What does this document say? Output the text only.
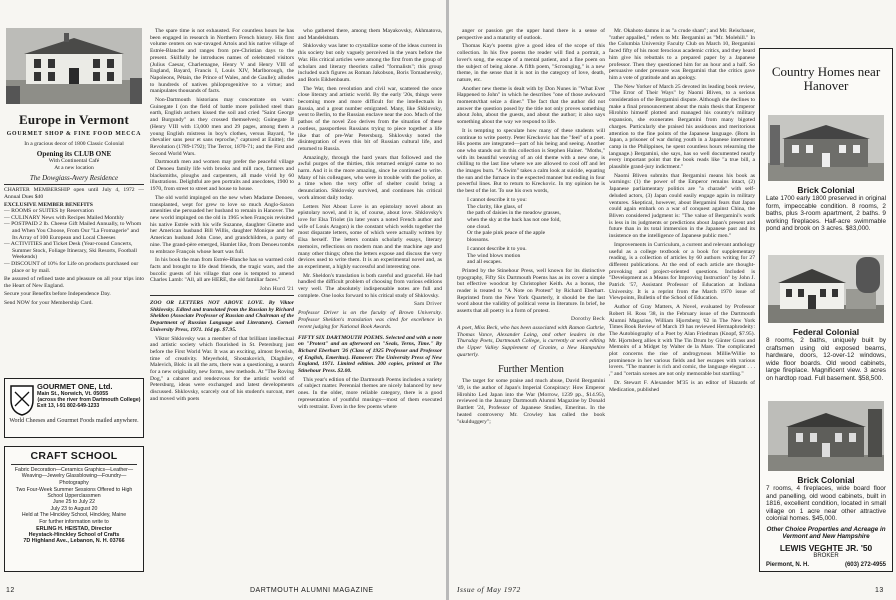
Europe in Vermont
GOURMET SHOP & FINE FOOD MECCA
In a gracious decor of 1800 Classic Colonial
Opening its CLUB ONE
With Continental Café
At a new location
The Dowgiass-Avery Residence
CHARTER MEMBERSHIP open until July 4, 1972 — Annual Dues $40
EXCLUSIVE MEMBER BENEFITS
— ROOMS or SUITES by Reservation
— CULINARY News with Recipes Mailed Monthly
— POSTPAID 2 lb. Cheese Gift Mailed Annually, to Whom and When You Choose, From Our "La Fromagerie" and Its Array of 100 European and Local Cheeses
— ACTIVITIES and Ticket Desk (Year-round Concerts, Summer Stock, Foliage Itinerary, Ski Resorts, Football Weekends)
— DISCOUNT of 10% for Life on products purchased our place or by mail.
Be assured of refined taste and pleasure on all your trips into the Heart of New England.
Secure your Benefits before Independence Day.
Send NOW for your Membership Card.
GOURMET ONE, Ltd.
Main St., Norwich, Vt. 05055
(across the river from Dartmouth College)
Exit 13, I-91 802-649-1233
World Cheeses and Gourmet Foods mailed anywhere.
CRAFT SCHOOL
Fabric Decoration—Ceramics Graphics—Leather—Weaving—Jewelry Glassblowing—Foundry—Photography
Two Four-Week Summer Sessions Offered to High School Upperclassmen
June 25 to July 22
July 23 to August 20
Held at The Hinckley School, Hinckley, Maine
For further information write to
ERLING H. HEISTAD, Director
Heystack-Hinckley School of Crafts
7D Highland Ave., Lebanon, N. H. 03766

The spare time is not exhausted. For countless hours he has been engaged in research in Northern French history. His first volume centers on war-ravaged Artois and his native village of Estrée-Blanche and ranges from pre-Christian days to the present. Skilfully he introduces names of celebrated visitors (Julius Caesar, Charlemagne, Henry V and Henry VIII of England, Bayard, Francis I, Louis XIV, Marlborough, the Napoleons, Pétain, the Prince of Wales, and de Gaulle); alludes to hundreds of natives philoprogenitive to a virtue; and manipulates thousands of facts.

Non-Dartmouth historians may concentrate on wars: Guinegate I (on the field of battle more polished steel than earth, English archers kissed the soil and cried "Saint George and Burgundy" as they crossed themselves); Guinegate II (Henry VIII with 13,000 men and 29 pages, among them a young English mistress in boy's clothes, versus Bayard, "le chevalier sans peur et sans reproche," captured at Enitte); the Revolution (1789-1792); The Terror, 1870-71; and the First and Second World Wars.

Dartmouth men and women may prefer the peaceful village of Denoeu family life with brooks and mill race, farmers and blacksmiths, ploughs and carpenters, all made vivid by 60 illustrations. Delightful are pen portraits and anecdotes, 1900 to 1970, from street to street and house to house.

The old world impinged on the new when Madame Denoeu, transplanted, wept for grew to love so much Anglo-Saxon amenities she persuaded her husband to remain in Hanover. The new world impinged on the old in 1965 when François revisited his native Estrée with his wife Suzanne, daughter Ginette and her American husband Bill Willis, daughter Monique and her American husband John Cone, and grandchildren, a party of nine. The grand-père emerged, Hamlet like, from Denoeu tombs to embrace François whose heart was full.

In his book the man from Estrée-Blanche has so warmed cold facts and brought to life dead friends, the tragic wars, and the bucolic guests of his village that one is tempted to amend Charles Lamb: "All, all are HERE, the old familiar faces."

John Hurd '21
ZOO OR LETTERS NOT ABOVE LOVE. By Viktor Shklovsky. Edited and translated from the Russian by Richard Sheldon (Associate Professor of Russian and Chairman of the Department of Russian Language and Literature). Cornell University Press, 1971. 164 pp. $7.95.

Viktor Shklovsky was a member of that brilliant intellectual and artistic society which flourished in St. Petersburg just before the First World War. It was an exciting, almost feverish, time of creativity. Meyerhold, Shostakovich, Diaghilev, Malevich, Blok: in all the arts, there was a questioning, a search for a new originality, new forms, new methods. At "The Roving Dog," a cabaret and rendezvous for the artistic world of Petersburg, ideas were exchanged and latest developments discussed. Shklovsky, scarcely out of his student's surcoat, met and moved with poets

who gathered there, among them Mayakovsky, Akhmatova, and Mandelshtam.

Shklovsky was later to crystallize some of the ideas current in this society but only vaguely perceived in the years before the War. His critical articles were among the first from the group of scholars and literary theorists called "formalists"; this group included such figures as Roman Jakobson, Boris Tomashevsky, and Boris Eikhenbaum.

The War, then revolution and civil war, scattered the once close literary and artistic world. By the early '20s, things were becoming more and more difficult for the intellectuals in Russia, and a great number emigrated. Many, like Shklovsky, went to Berlin, to the Russian enclave near the zoo. Much of the pathos of the novel Zoo derives from the situation of these rootless, passportless Russians trying to piece together a life like that of pre-War Petersburg. Shklovsky noted the disintegration of even this bit of Russian cultural life, and returned to Russia.

Amazingly, through the hard years that followed and the awful purges of the thirties, this returned emigré came to no harm. And it is the more amazing, since he continued to write. Many of his colleagues, who were in trouble with the police, at a time when the very offer of shelter could bring a denunciation. Shklovsky survived, and continues his critical work almost daily today.

Letters Not About Love is an epistolary novel about an epistolary novel, and it is, of course, about love. Shklovsky's love for Elsa Triolet (in later years a noted French author and wife of Louis Aragon) is the constant which welds together the most disparate letters, some of which were actually written by Elsa herself. The letters contain scholarly essays, literary memoirs, reflections on modern man and the machine age and many other things; often the letters expose and discuss the very devices used to write them. It is an experimental novel and, as an experiment, a highly successful and interesting one.

Mr. Sheldon's translation is both careful and graceful. He had handled the difficult problem of choosing from various editions very well. The absolutely indispensable notes are full and complete. One looks forward to his critical study of Shklovsky.

Sam Driver
Professor Driver is on the faculty of Brown University. Professor Sheldon's translation was cited for excellence in recent judging for National Book Awards.
FIFTY SIX DARTMOUTH POEMS. Selected and with a note on "Protest" and an afterword on "Seals, Terns, Time." By Richard Eberhart '26 (Class of 1925 Professor and Professor of English, Emeritus). Hanover: The University Press of New England, 1971. Limited edition. 200 copies, printed at The Stinehour Press. $2.00.
This year's edition of the Dartmouth Poems includes a variety of subject matter. Perennial themes are nicely balanced by new ones. In the older, more reliable category, there is a good representation of youthful musings—most of them executed with restraint. Even in the few poems where
12	DARTMOUTH ALUMNI MAGAZINE

anger or passion get the upper hand there is a sense of perspective and a maturity of outlook.

Thomas Kay's poems give a good idea of the scope of this collection. In his five poems the reader will find a portrait, a lover's song, the escape of a mental patient, and a fine poem on the subject of being alone. A fifth poem, "Scrounging," is a new theme, in the sense that it is not in the category of love, death, nature, etc.

Another new theme is dealt with by Don Nunes in "What Ever Happened to John" in which he describes "one of those awkward moments/that seize a diner." The fact that the author did not answer the question posed by the title not only proves something about John, about the guests, and about the author; it also says something about the way we respond to life.

It is tempting to speculate how many of these students will continue to write poetry. Peter Kreckovic has the "feel" of a poet. His poems are integrated—part of his being and seeing. Another one who stands out in this collection is Stephen Hainer. "Moths," with its beautiful weaving of an old theme with a new one, is chilling to the last line where we are allowed to cool off and let the images burn. "A Swim" takes a calm look at suicide, equating the sun and the furnace in the expected manner but ending in four powerful lines. But to return to Kreckovic. In my opinion he is the best of the lot. To use his own words,

I cannot describe it to you:
The clarity, like glass, of
the path of daisies in the meadow grasses,
when the sky at the back has not one fold,
one cloud.
Or the pale pink peace of the apple
blossoms.
I cannot describe it to you.
The wind blows motion
and all escapes.
Printed by the Stinehour Press, well known for its distinctive typography, Fifty Six Dartmouth Poems has as its cover a simple but effective woodcut by Christopher Keith. As a bonus, the reader is treated to "A Note on Protest" by Richard Eberhart. Reprinted from the New York Quarterly, it should be the last word about the validity of political verse in literature. In brief, he asserts that all poetry is a form of protest.
Dorothy Beck
A poet, Miss Beck, who has been associated with Ramon Guthrie, Thomas Vance, Alexander Laing, and other leaders in the Thursday Poets, Dartmouth College, is currently at work editing the Upper Valley Supplement of Granite, a New Hampshire quarterly.
Further Mention
The target for some praise and much abuse, David Bergamini '49, is the author of Japan's Imperial Conspiracy: How Emperor Hirohito Led Japan into the War (Morrow, 1239 pp., $14.95), reviewed in the January Dartmouth Alumni Magazine by Donald Bartlett '24, Professor of Japanese Studies, Emeritus. In the heated controversy Mr. Crowley has called the book "skulduggery";

Mr. Okahoto damns it as "a crude sham"; and Mr. Reischauer, "rather appalled," refers to Mr. Bergamini as "Mr. Molehill." In the Columbia University Faculty Club on March 10, Bergamini faced fifty of his most ferocious academic critics, and they heard him give his rebuttals to a prepared paper by a Japanese professor. Then they questioned him for an hour and a half. So persuasive under pressure was Bergamini that the critics gave him a vote of gratitude and an apology.

The New Yorker of March 25 devoted its leading book review, "The Error of Their Ways" by Naomi Bliven, to a serious consideration of the Bergamini dispute. Although she declines to make a final pronouncement about the main thesis that Emperor Hirohito himself plotted and managed his country's military expansion, she exonerates Bergamini from many bigoted charges. Particularly she praised his assiduous and meritorious attention to the fine points of the Japanese language. (Born in Japan, a prisoner of war during youth in a Japanese internment camp in the Philippines, he spent countless hours relearning the language.) Bergamini, she says, has so well documented nearly every important point that the book reads like "a true bill, a plausible grand-jury indictment."

Naomi Bliven submits that Bergamini means his book as warnings: (1) the power of the Emperor remains intact, (2) Japanese parliamentary politics are "a charade" with self-deluded actors, (3) Japan could easily engage again in military ventures. Skeptical, however, about Bergamini fears that Japan could again embark on a war of conquest against China, the Bliven considered judgment is: "The value of Bergamini's work is less in its judgments or predictions about Japan's present and future than in its total immersion in the Japanese past and its insistence on the intelligence of Japanese public men."

Improvements in Curriculum, a current and relevant anthology useful as a college textbook or a book for supplementary reading, is a collection of articles by 60 authors writing for 27 different publications. At the end of each article are thought-provoking and project-oriented questions. Included is "Development as a Means for Improving Instruction" by John J. Patrick '57, Assistant Professor of Education at Indiana University. It is a reprint from the March 1970 issue of Viewpoints, Bulletin of the School of Education.

Author of Gray Matters, A Novel, evaluated by Professor Robert H. Ross '38, in the February issue of the Dartmouth Alumni Magazine, William Hjortsberg '62 in The New York Times Book Review of March 19 has reviewed Hermaphrodeity: The Autobiography of a Poet by Alan Friedman (Knopf, $7.95). Mr. Hjortsberg allies it with The Tin Drum by Günter Grass and Memoirs of a Midget by Walter de la Mare. The complicated plot concerns the rise of androgynous Millie/Willie to prominence in her various fields and her escapes with various lovers. "The manner is rich and comic, the language elegant . . . ," and "certain scenes are not only memorable but startling."

Dr. Stewart F. Alexander M'35 is an editor of Hazards of Medication, published

Country Homes near Hanover
Brick Colonial
Late 1700 early 1800 preserved in original form, impeccable condition. 8 rooms, 2 baths, plus 3-room apartment, 2 baths. 9 working fireplaces. Half-acre swimmable pond and brook on 3 acres. $83,000.
Federal Colonial
8 rooms, 2 baths, uniquely built by craftsmen using old exposed beams, hardware, doors, 12-over-12 windows, wide floor boards. Old wood cabinets, large fireplace. Magnificent view. 3 acres on hardtop road. Full basement. $58,500.
Brick Colonial
7 rooms, 4 fireplaces, wide board floor and panelling, old wood cabinets, built in 1816, excellent condition, located in small village on 1 acre near other attractive colonial homes. $45,000.
Other Choice Properties and Acreage in Vermont and New Hampshire
LEWIS VEGHTE JR. '50
BROKER
Piermont, N. H.	(603) 272-4955
Issue of May 1972	13
